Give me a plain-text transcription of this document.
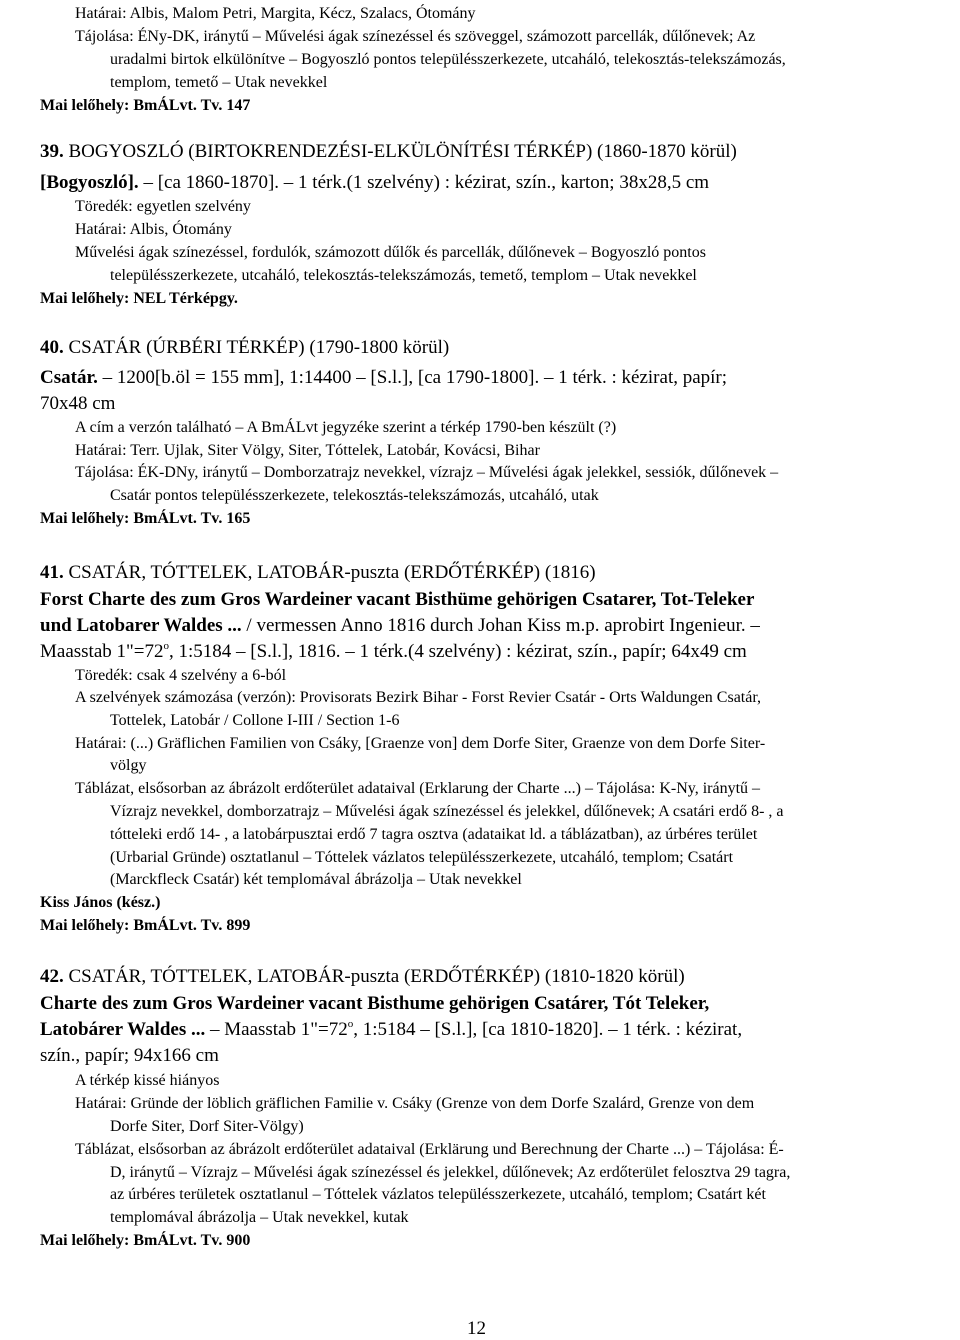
Határai: Albis, Malom Petri, Margita, Kécz, Szalacs, Ótomány
Tájolása: ÉNy-DK, iránytű – Művelési ágak színezéssel és szöveggel, számozott parcellák, dűlőnevek; Az
uradalmi birtok elkülönítve – Bogyoszló pontos településszerkezete, utcaháló, telekosztás-telekszámozás,
templom, temető – Utak nevekkel
Mai lelőhely: BmÁLvt. Tv. 147
39. BOGYOSZLÓ (BIRTOKRENDEZÉSI-ELKÜLÖNÍTÉSI TÉRKÉP) (1860-1870 körül)
[Bogyoszló]. – [ca 1860-1870]. – 1 térk.(1 szelvény) : kézirat, szín., karton; 38x28,5 cm
Töredék: egyetlen szelvény
Határai: Albis, Ótomány
Művelési ágak színezéssel, fordulók, számozott dűlők és parcellák, dűlőnevek – Bogyoszló pontos
településszerkezete, utcaháló, telekosztás-telekszámozás, temető, templom – Utak nevekkel
Mai lelőhely: NEL Térképgy.
40. CSATÁR (ÚRBÉRI TÉRKÉP) (1790-1800 körül)
Csatár. – 1200[b.öl = 155 mm], 1:14400 – [S.l.], [ca 1790-1800]. – 1 térk. : kézirat, papír;
70x48 cm
A cím a verzón található – A BmÁLvt jegyzéke szerint a térkép 1790-ben készült (?)
Határai: Terr. Ujlak, Siter Völgy, Siter, Tóttelek, Latobár, Kovácsi, Bihar
Tájolása: ÉK-DNy, iránytű – Domborzatrajz nevekkel, vízrajz – Művelési ágak jelekkel, sessiók, dűlőnevek –
Csatár pontos településszerkezete, telekosztás-telekszámozás, utcaháló, utak
Mai lelőhely: BmÁLvt. Tv. 165
41. CSATÁR, TÓTTELEK, LATOBÁR-puszta (ERDŐTÉRKÉP) (1816)
Forst Charte des zum Gros Wardeiner vacant Bisthüme gehörigen Csatarer, Tot-Teleker
und Latobarer Waldes ... / vermessen Anno 1816 durch Johan Kiss m.p. aprobirt Ingenieur. –
Maasstab $1"=72^o$, 1:5184 – [S.l.], 1816. – 1 térk.(4 szelvény) : kézirat, szín., papír; 64x49 cm
Töredék: csak 4 szelvény a 6-ból
A szelvények számozása (verzón): Provisorats Bezirk Bihar - Forst Revier Csatár - Orts Waldungen Csatár,
Tottelek, Latobár / Collone I-III / Section 1-6
Határai: (...) Gräflichen Familien von Csáky, [Graenze von] dem Dorfe Siter, Graenze von dem Dorfe Siter-
völgy
Táblázat, elsősorban az ábrázolt erdőterület adataival (Erklarung der Charte ...) – Tájolása: K-Ny, iránytű –
Vízrajz nevekkel, domborzatrajz – Művelési ágak színezéssel és jelekkel, dűlőnevek; A csatári erdő 8- , a
tótteleki erdő 14- , a latobárpusztai erdő 7 tagra osztva (adataikat ld. a táblázatban), az úrbéres terület
(Urbarial Gründe) osztatlanul – Tóttelek vázlatos településszerkezete, utcaháló, templom; Csatárt
(Marckfleck Csatár) két templomával ábrázolja – Utak nevekkel
Kiss János (kész.)
Mai lelőhely: BmÁLvt. Tv. 899
42. CSATÁR, TÓTTELEK, LATOBÁR-puszta (ERDŐTÉRKÉP) (1810-1820 körül)
Charte des zum Gros Wardeiner vacant Bisthume gehörigen Csatárer, Tót Teleker,
Latobárer Waldes ... – Maasstab $1"=72^o$, 1:5184 – [S.l.], [ca 1810-1820]. – 1 térk. : kézirat,
szín., papír; 94x166 cm
A térkép kissé hiányos
Határai: Gründe der löblich gräflichen Familie v. Csáky (Grenze von dem Dorfe Szalárd, Grenze von dem
Dorfe Siter, Dorf Siter-Völgy)
Táblázat, elsősorban az ábrázolt erdőterület adataival (Erklärung und Berechnung der Charte ...) – Tájolása: É-
D, iránytű – Vízrajz – Művelési ágak színezéssel és jelekkel, dűlőnevek; Az erdőterület felosztva 29 tagra,
az úrbéres területek osztatlanul – Tóttelek vázlatos településszerkezete, utcaháló, templom; Csatárt két
templomával ábrázolja – Utak nevekkel, kutak
Mai lelőhely: BmÁLvt. Tv. 900
12
